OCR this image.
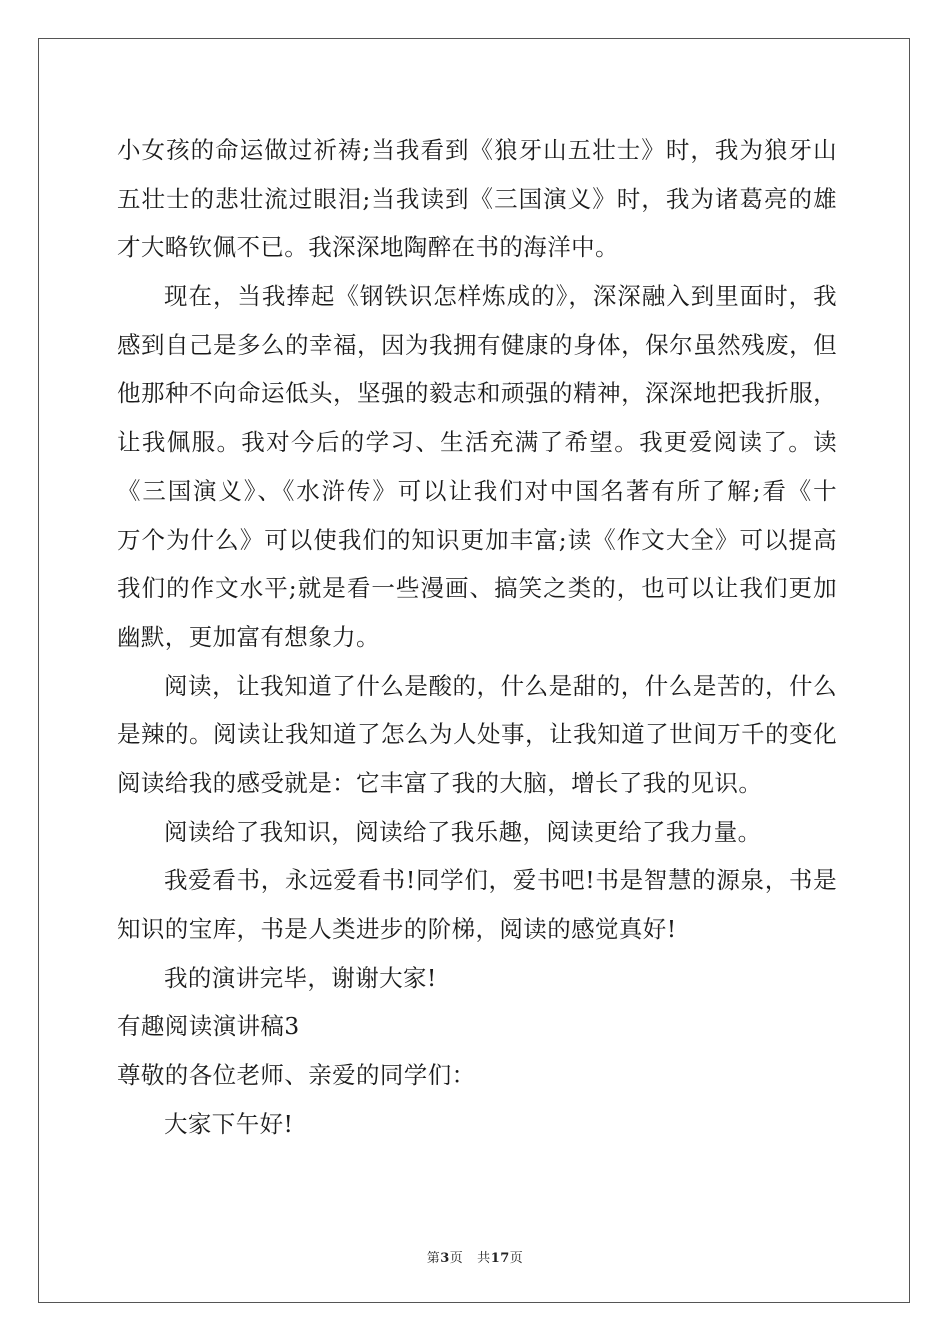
小女孩的命运做过祈祷;当我看到《狼牙山五壮士》时，我为狼牙山
五壮士的悲壮流过眼泪;当我读到《三国演义》时，我为诸葛亮的雄
才大略钦佩不已。我深深地陶醉在书的海洋中。
现在，当我捧起《钢铁识怎样炼成的》，深深融入到里面时，我
感到自己是多么的幸福，因为我拥有健康的身体，保尔虽然残废，但
他那种不向命运低头，坚强的毅志和顽强的精神，深深地把我折服，
让我佩服。我对今后的学习、生活充满了希望。我更爱阅读了。读
《三国演义》、《水浒传》可以让我们对中国名著有所了解;看《十
万个为什么》可以使我们的知识更加丰富;读《作文大全》可以提高
我们的作文水平;就是看一些漫画、搞笑之类的，也可以让我们更加
幽默，更加富有想象力。
阅读，让我知道了什么是酸的，什么是甜的，什么是苦的，什么
是辣的。阅读让我知道了怎么为人处事，让我知道了世间万千的变化
阅读给我的感受就是：它丰富了我的大脑，增长了我的见识。
阅读给了我知识，阅读给了我乐趣，阅读更给了我力量。
我爱看书，永远爱看书!同学们，爱书吧!书是智慧的源泉，书是
知识的宝库，书是人类进步的阶梯，阅读的感觉真好!
我的演讲完毕，谢谢大家!
有趣阅读演讲稿3
尊敬的各位老师、亲爱的同学们：
大家下午好!
第3页 共17页
